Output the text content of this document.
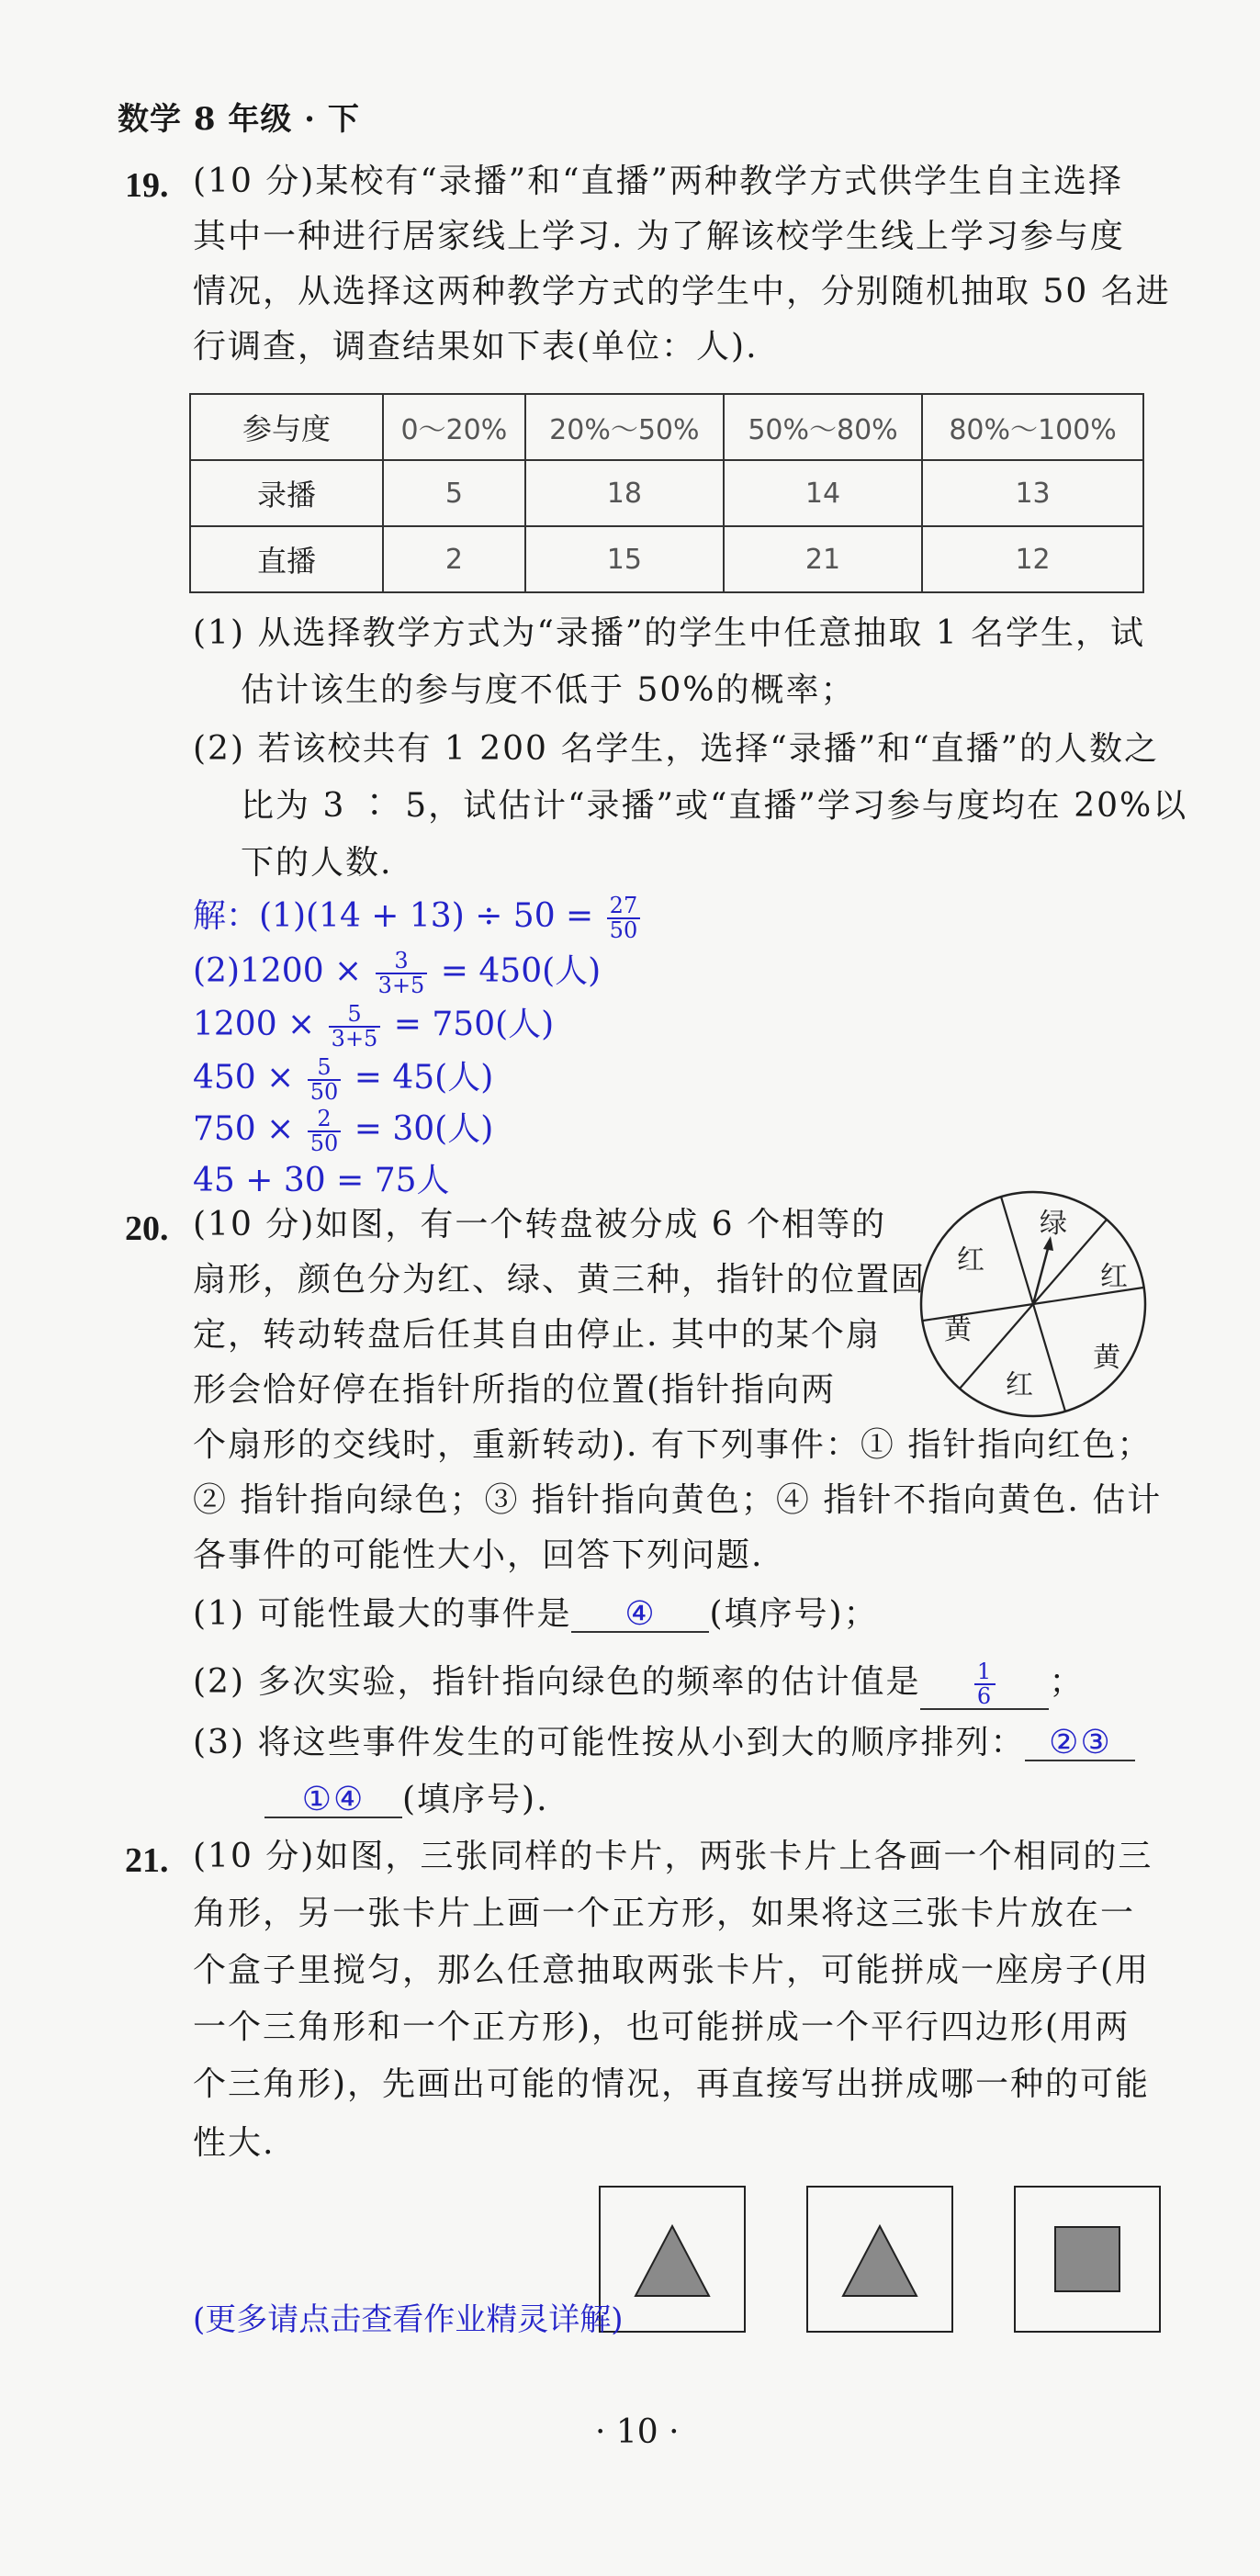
数学 8 年级 · 下
19. (10 分)某校有“录播”和“直播”两种教学方式供学生自主选择
其中一种进行居家线上学习. 为了解该校学生线上学习参与度
情况，从选择这两种教学方式的学生中，分别随机抽取 50 名进
行调查，调查结果如下表(单位：人).
参与度	0～20%	20%～50%	50%～80%	80%～100%
录播	5	18	14	13
直播	2	15	21	12
(1) 从选择教学方式为“录播”的学生中任意抽取 1 名学生，试
估计该生的参与度不低于 50%的概率；
(2) 若该校共有 1 200 名学生，选择“录播”和“直播”的人数之
比为 3 ∶ 5，试估计“录播”或“直播”学习参与度均在 20%以
下的人数.
解：$(1)(14 + 13) \div 50 = \frac{27}{50}$
$(2)1200 \times \frac{3}{3+5} = 450$(人)
$1200 \times \frac{5}{3+5} = 750$(人)
$450 \times \frac{5}{50} = 45$(人)
$750 \times \frac{2}{50} = 30$(人)
45 + 30 = 75人
20. (10 分)如图，有一个转盘被分成 6 个相等的
扇形，颜色分为红、绿、黄三种，指针的位置固
定，转动转盘后任其自由停止. 其中的某个扇
形会恰好停在指针所指的位置(指针指向两
个扇形的交线时，重新转动). 有下列事件：① 指针指向红色；
② 指针指向绿色；③ 指针指向黄色；④ 指针不指向黄色. 估计
各事件的可能性大小，回答下列问题.
绿
红
黄
红
黄
红
(1) 可能性最大的事件是 ④ (填序号)；
(2) 多次实验，指针指向绿色的频率的估计值是 $\frac{1}{6}$ ；
(3) 将这些事件发生的可能性按从小到大的顺序排列： ②③
①④ (填序号).
21. (10 分)如图，三张同样的卡片，两张卡片上各画一个相同的三
角形，另一张卡片上画一个正方形，如果将这三张卡片放在一
个盒子里搅匀，那么任意抽取两张卡片，可能拼成一座房子(用
一个三角形和一个正方形)，也可能拼成一个平行四边形(用两
个三角形)，先画出可能的情况，再直接写出拼成哪一种的可能
性大.
(更多请点击查看作业精灵详解)
· 10 ·
